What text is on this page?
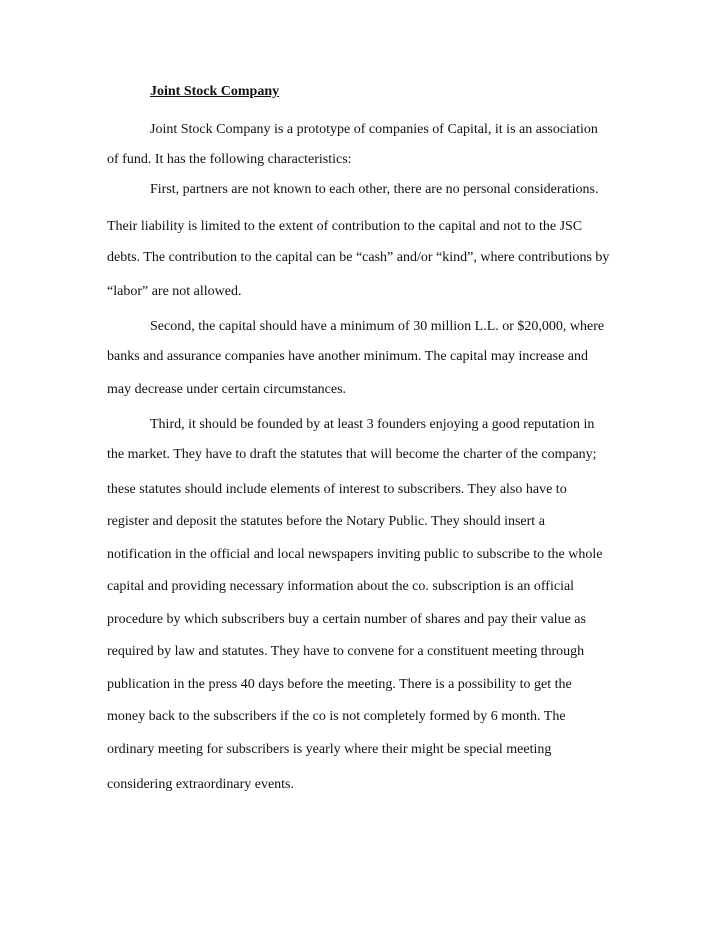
Joint Stock Company
Joint Stock Company is a prototype of companies of Capital, it is an association
of fund. It has the following characteristics:
First, partners are not known to each other, there are no personal considerations.
Their liability is limited to the extent of contribution to the capital and not to the JSC
debts. The contribution to the capital can be “cash” and/or “kind”, where contributions by
“labor” are not allowed.
Second, the capital should have a minimum of 30 million L.L. or $20,000, where
banks and assurance companies have another minimum. The capital may increase and
may decrease under certain circumstances.
Third, it should be founded by at least 3 founders enjoying a good reputation in
the market. They have to draft the statutes that will become the charter of the company;
these statutes should include elements of interest to subscribers. They also have to
register and deposit the statutes before the Notary Public. They should insert a
notification in the official and local newspapers inviting public to subscribe to the whole
capital and providing necessary information about the co. subscription is an official
procedure by which subscribers buy a certain number of shares and pay their value as
required by law and statutes. They have to convene for a constituent meeting through
publication in the press 40 days before the meeting. There is a possibility to get the
money back to the subscribers if the co is not completely formed by 6 month. The
ordinary meeting for subscribers is yearly where their might be special meeting
considering extraordinary events.
